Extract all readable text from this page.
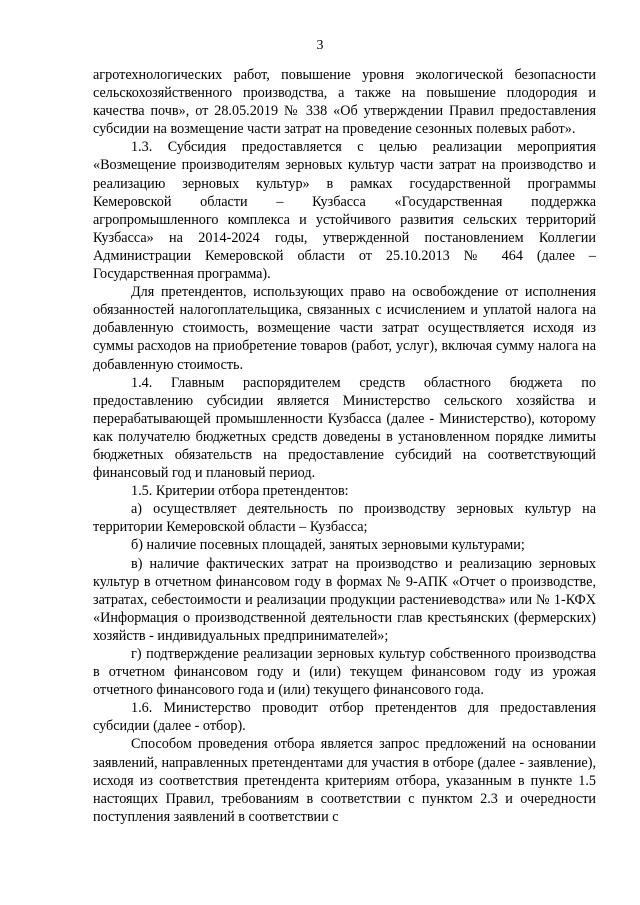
3

агротехнологических работ, повышение уровня экологической безопасности сельскохозяйственного производства, а также на повышение плодородия и качества почв», от 28.05.2019 № 338 «Об утверждении Правил предоставления субсидии на возмещение части затрат на проведение сезонных полевых работ».

1.3. Субсидия предоставляется с целью реализации мероприятия «Возмещение производителям зерновых культур части затрат на производство и реализацию зерновых культур» в рамках государственной программы Кемеровской области – Кузбасса «Государственная поддержка агропромышленного комплекса и устойчивого развития сельских территорий Кузбасса» на 2014-2024 годы, утвержденной постановлением Коллегии Администрации Кемеровской области от 25.10.2013 № 464 (далее – Государственная программа).

Для претендентов, использующих право на освобождение от исполнения обязанностей налогоплательщика, связанных с исчислением и уплатой налога на добавленную стоимость, возмещение части затрат осуществляется исходя из суммы расходов на приобретение товаров (работ, услуг), включая сумму налога на добавленную стоимость.

1.4. Главным распорядителем средств областного бюджета по предоставлению субсидии является Министерство сельского хозяйства и перерабатывающей промышленности Кузбасса (далее - Министерство), которому как получателю бюджетных средств доведены в установленном порядке лимиты бюджетных обязательств на предоставление субсидий на соответствующий финансовый год и плановый период.

1.5. Критерии отбора претендентов:

а) осуществляет деятельность по производству зерновых культур на территории Кемеровской области – Кузбасса;

б) наличие посевных площадей, занятых зерновыми культурами;

в) наличие фактических затрат на производство и реализацию зерновых культур в отчетном финансовом году в формах № 9-АПК «Отчет о производстве, затратах, себестоимости и реализации продукции растениеводства» или № 1-КФХ «Информация о производственной деятельности глав крестьянских (фермерских) хозяйств - индивидуальных предпринимателей»;

г) подтверждение реализации зерновых культур собственного производства в отчетном финансовом году и (или) текущем финансовом году из урожая отчетного финансового года и (или) текущего финансового года.

1.6. Министерство проводит отбор претендентов для предоставления субсидии (далее - отбор).

Способом проведения отбора является запрос предложений на основании заявлений, направленных претендентами для участия в отборе (далее - заявление), исходя из соответствия претендента критериям отбора, указанным в пункте 1.5 настоящих Правил, требованиям в соответствии с пунктом 2.3 и очередности поступления заявлений в соответствии с
